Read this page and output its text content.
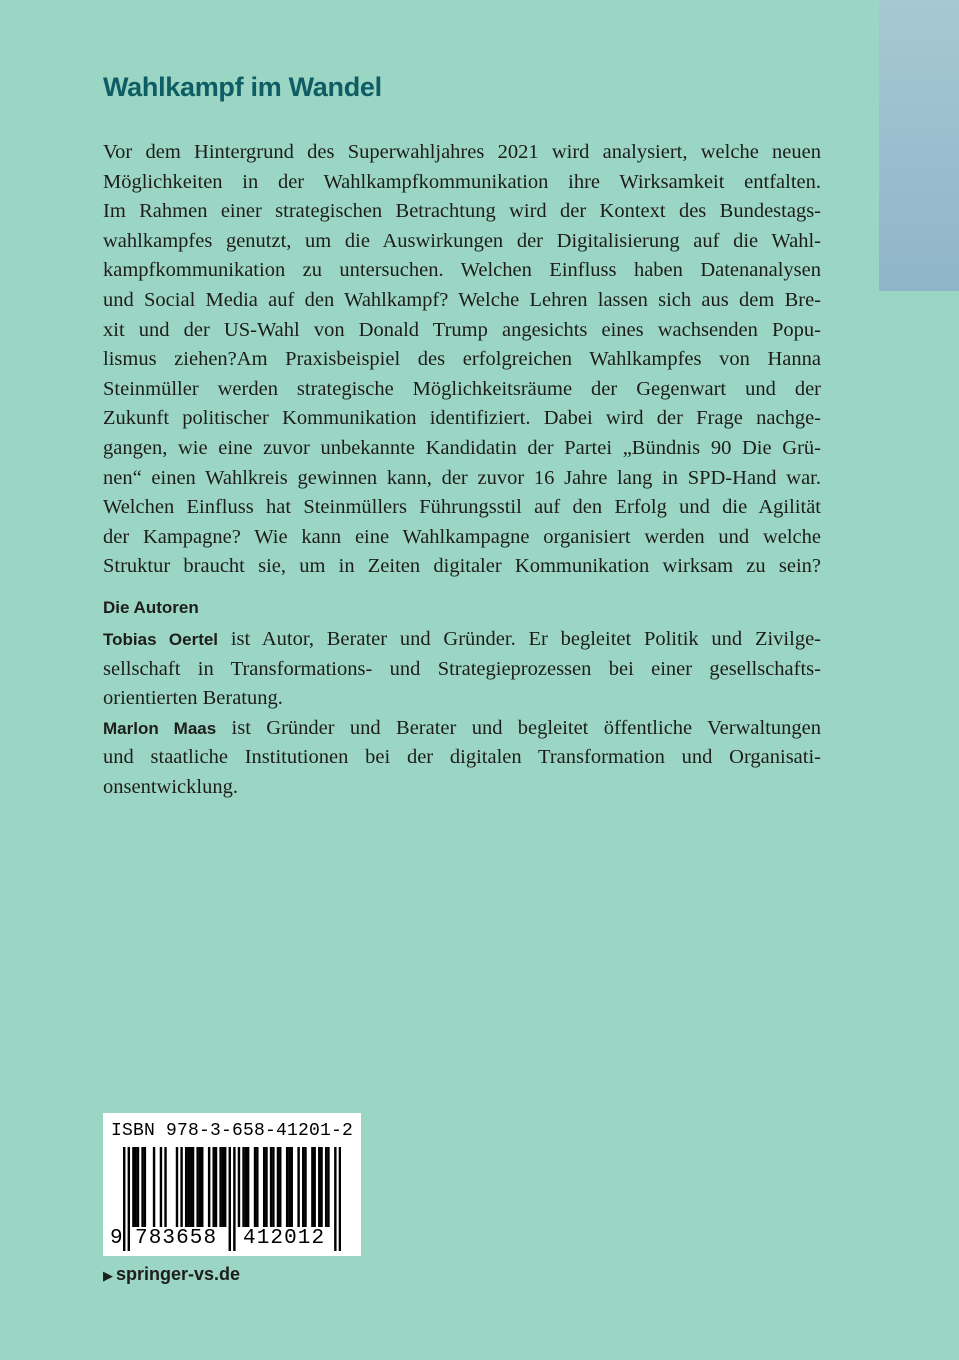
Wahlkampf im Wandel
Vor dem Hintergrund des Superwahljahres 2021 wird analysiert, welche neuen
Möglichkeiten in der Wahlkampfkommunikation ihre Wirksamkeit entfalten.
Im Rahmen einer strategischen Betrachtung wird der Kontext des Bundestags-
wahlkampfes genutzt, um die Auswirkungen der Digitalisierung auf die Wahl-
kampfkommunikation zu untersuchen. Welchen Einfluss haben Datenanalysen
und Social Media auf den Wahlkampf? Welche Lehren lassen sich aus dem Bre-
xit und der US-Wahl von Donald Trump angesichts eines wachsenden Popu-
lismus ziehen?Am Praxisbeispiel des erfolgreichen Wahlkampfes von Hanna
Steinmüller werden strategische Möglichkeitsräume der Gegenwart und der
Zukunft politischer Kommunikation identifiziert. Dabei wird der Frage nachge-
gangen, wie eine zuvor unbekannte Kandidatin der Partei „Bündnis 90 Die Grü-
nen“ einen Wahlkreis gewinnen kann, der zuvor 16 Jahre lang in SPD-Hand war.
Welchen Einfluss hat Steinmüllers Führungsstil auf den Erfolg und die Agilität
der Kampagne? Wie kann eine Wahlkampagne organisiert werden und welche
Struktur braucht sie, um in Zeiten digitaler Kommunikation wirksam zu sein?
Die Autoren
Tobias Oertel ist Autor, Berater und Gründer. Er begleitet Politik und Zivilge-
sellschaft in Transformations- und Strategieprozessen bei einer gesellschafts-
orientierten Beratung.
Marlon Maas ist Gründer und Berater und begleitet öffentliche Verwaltungen
und staatliche Institutionen bei der digitalen Transformation und Organisati-
onsentwicklung.
ISBN 978-3-658-41201-2
9 783658 412012
▶ springer-vs.de
